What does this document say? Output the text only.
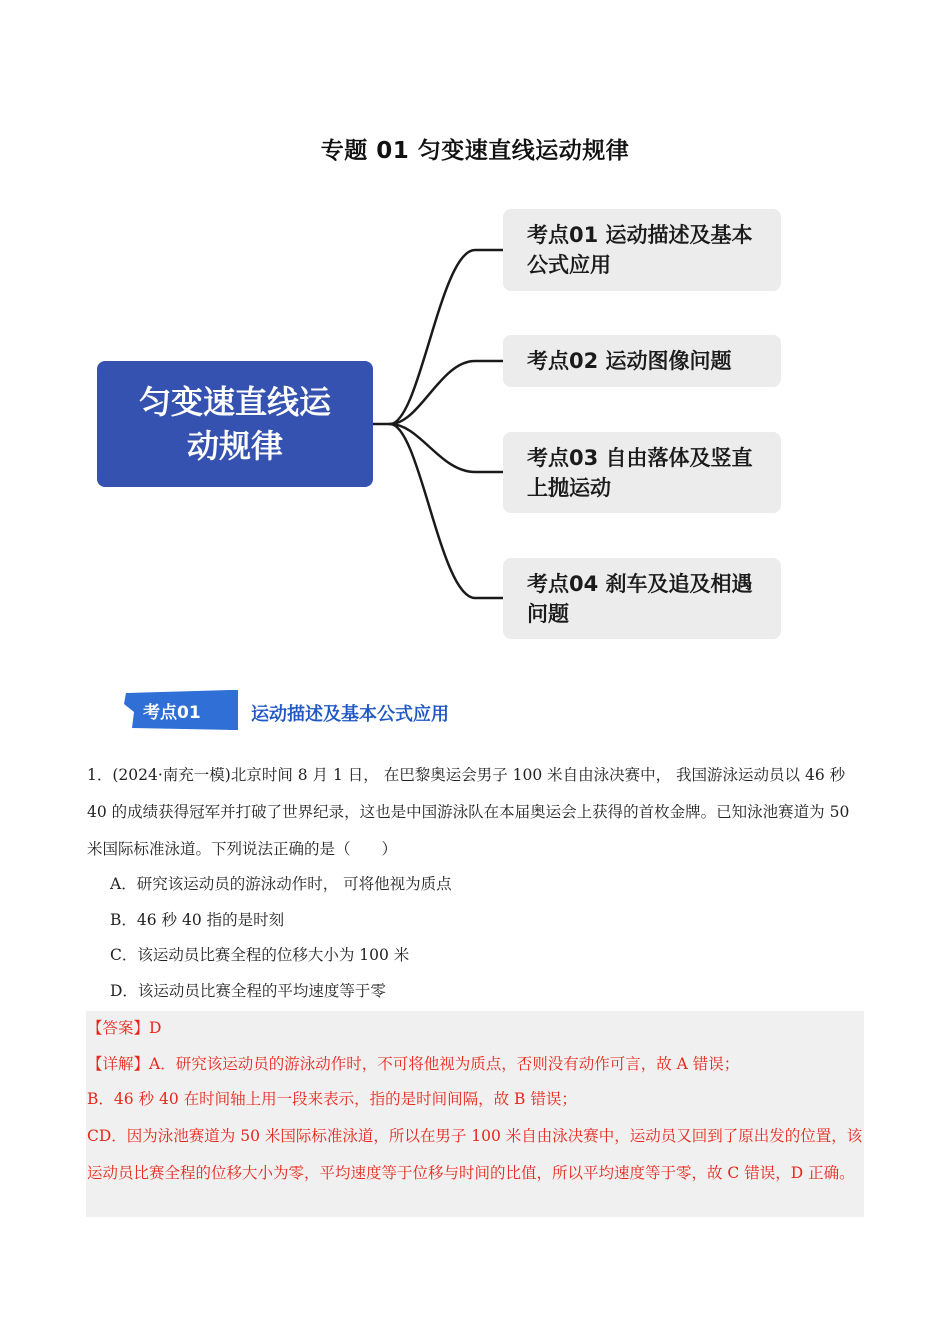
专题 01 匀变速直线运动规律
匀变速直线运动规律
考点01 运动描述及基本公式应用
考点02 运动图像问题
考点03 自由落体及竖直上抛运动
考点04 刹车及追及相遇问题
考点01	运动描述及基本公式应用
1．(2024·南充一模)北京时间 8 月 1 日， 在巴黎奥运会男子 100 米自由泳决赛中， 我国游泳运动员以 46 秒 40 的成绩获得冠军并打破了世界纪录，这也是中国游泳队在本届奥运会上获得的首枚金牌。已知泳池赛道为 50 米国际标准泳道。下列说法正确的是（　　）
A．研究该运动员的游泳动作时， 可将他视为质点
B．46 秒 40 指的是时刻
C．该运动员比赛全程的位移大小为 100 米
D．该运动员比赛全程的平均速度等于零
【答案】D
【详解】A．研究该运动员的游泳动作时，不可将他视为质点，否则没有动作可言，故 A 错误；
B．46 秒 40 在时间轴上用一段来表示，指的是时间间隔，故 B 错误；
CD．因为泳池赛道为 50 米国际标准泳道，所以在男子 100 米自由泳决赛中，运动员又回到了原出发的位置，该运动员比赛全程的位移大小为零，平均速度等于位移与时间的比值，所以平均速度等于零，故 C 错误，D 正确。
